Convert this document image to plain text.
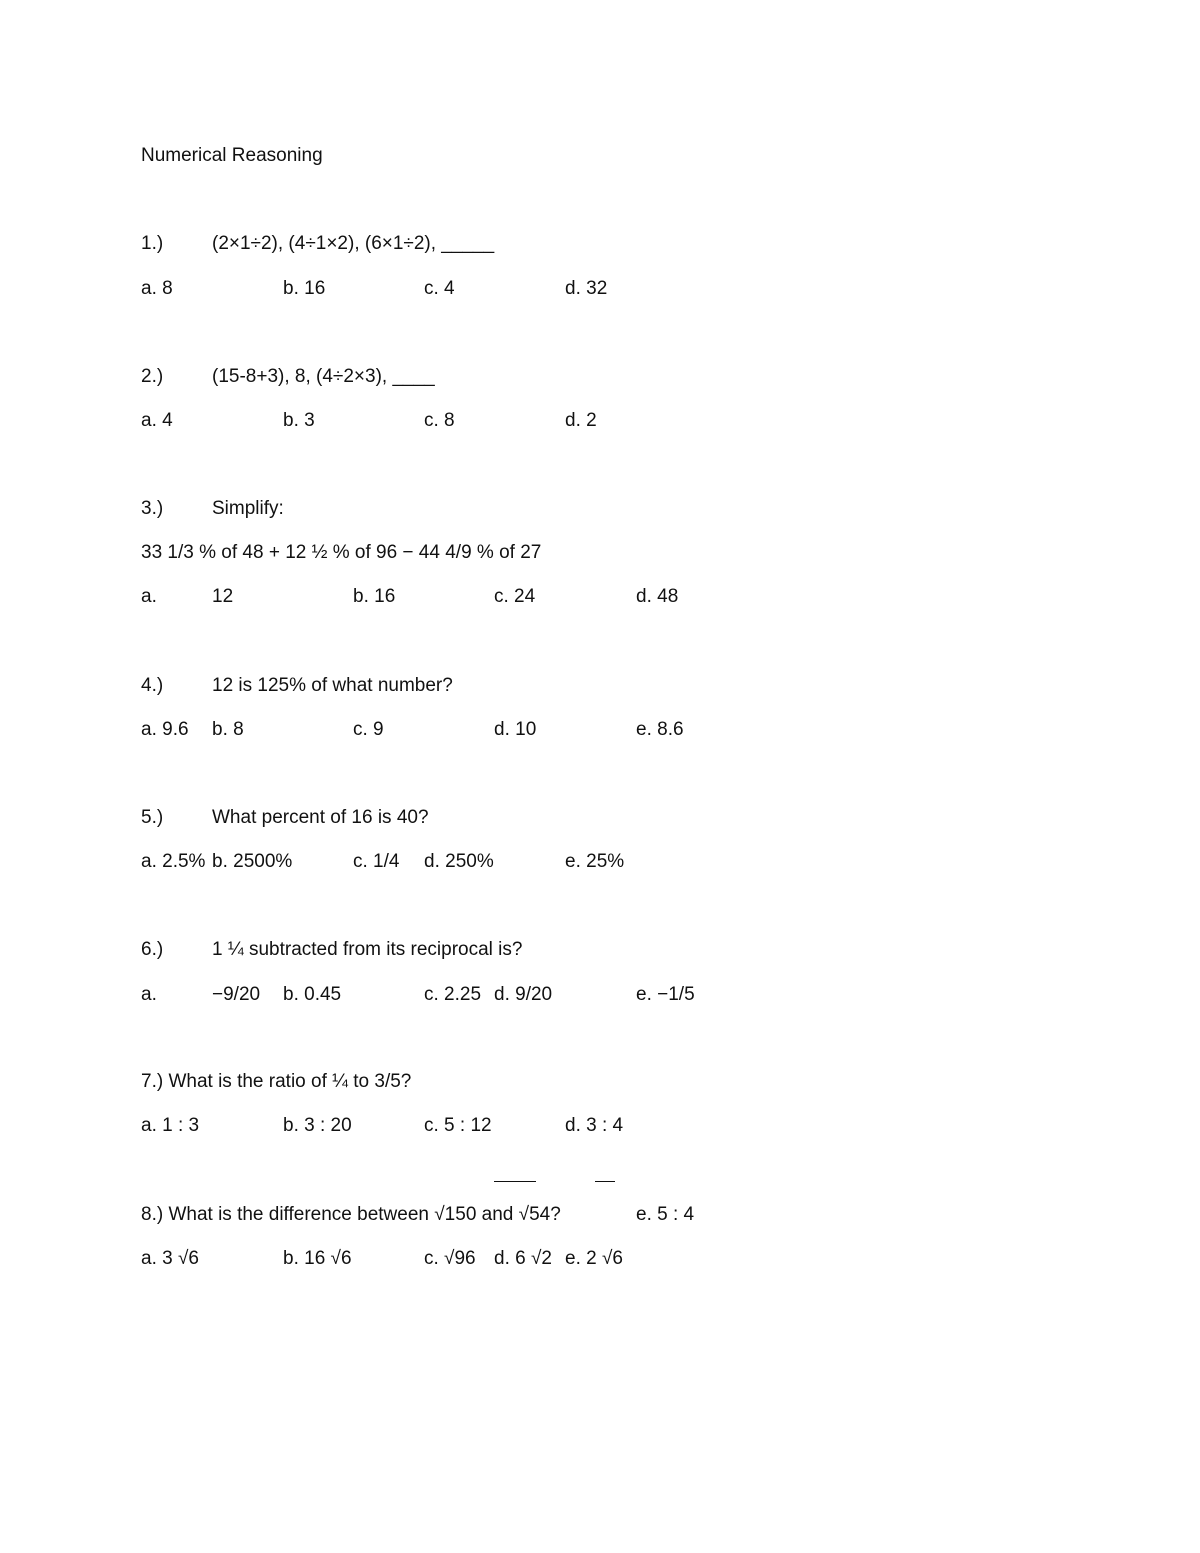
Numerical Reasoning
1.)	(2×1÷2), (4÷1×2), (6×1÷2), _____
a. 8	b. 16	c. 4	d. 32
2.)	(15-8+3), 8, (4÷2×3), ____
a. 4	b. 3	c. 8	d. 2
3.)	Simplify:
33 1/3 % of 48 + 12 ½ % of 96 − 44 4/9 % of 27
a.	12	b. 16	c. 24	d. 48
4.)	12 is 125% of what number?
a. 9.6 b. 8	c. 9	d. 10	e. 8.6
5.)	What percent of 16 is 40?
a. 2.5% b. 2500%	c. 1/4 d. 250%	e. 25%
6.)	1 ¼ subtracted from its reciprocal is?
a.	−9/20 b. 0.45	c. 2.25 d. 9/20	e. −1/5
7.) What is the ratio of ¼ to 3/5?
a. 1 : 3	b. 3 : 20	c. 5 : 12	d. 3 : 4
8.) What is the difference between √150 and √54?	e. 5 : 4
a. 3 √6	b. 16 √6	c. √96 d. 6 √2 e. 2 √6
